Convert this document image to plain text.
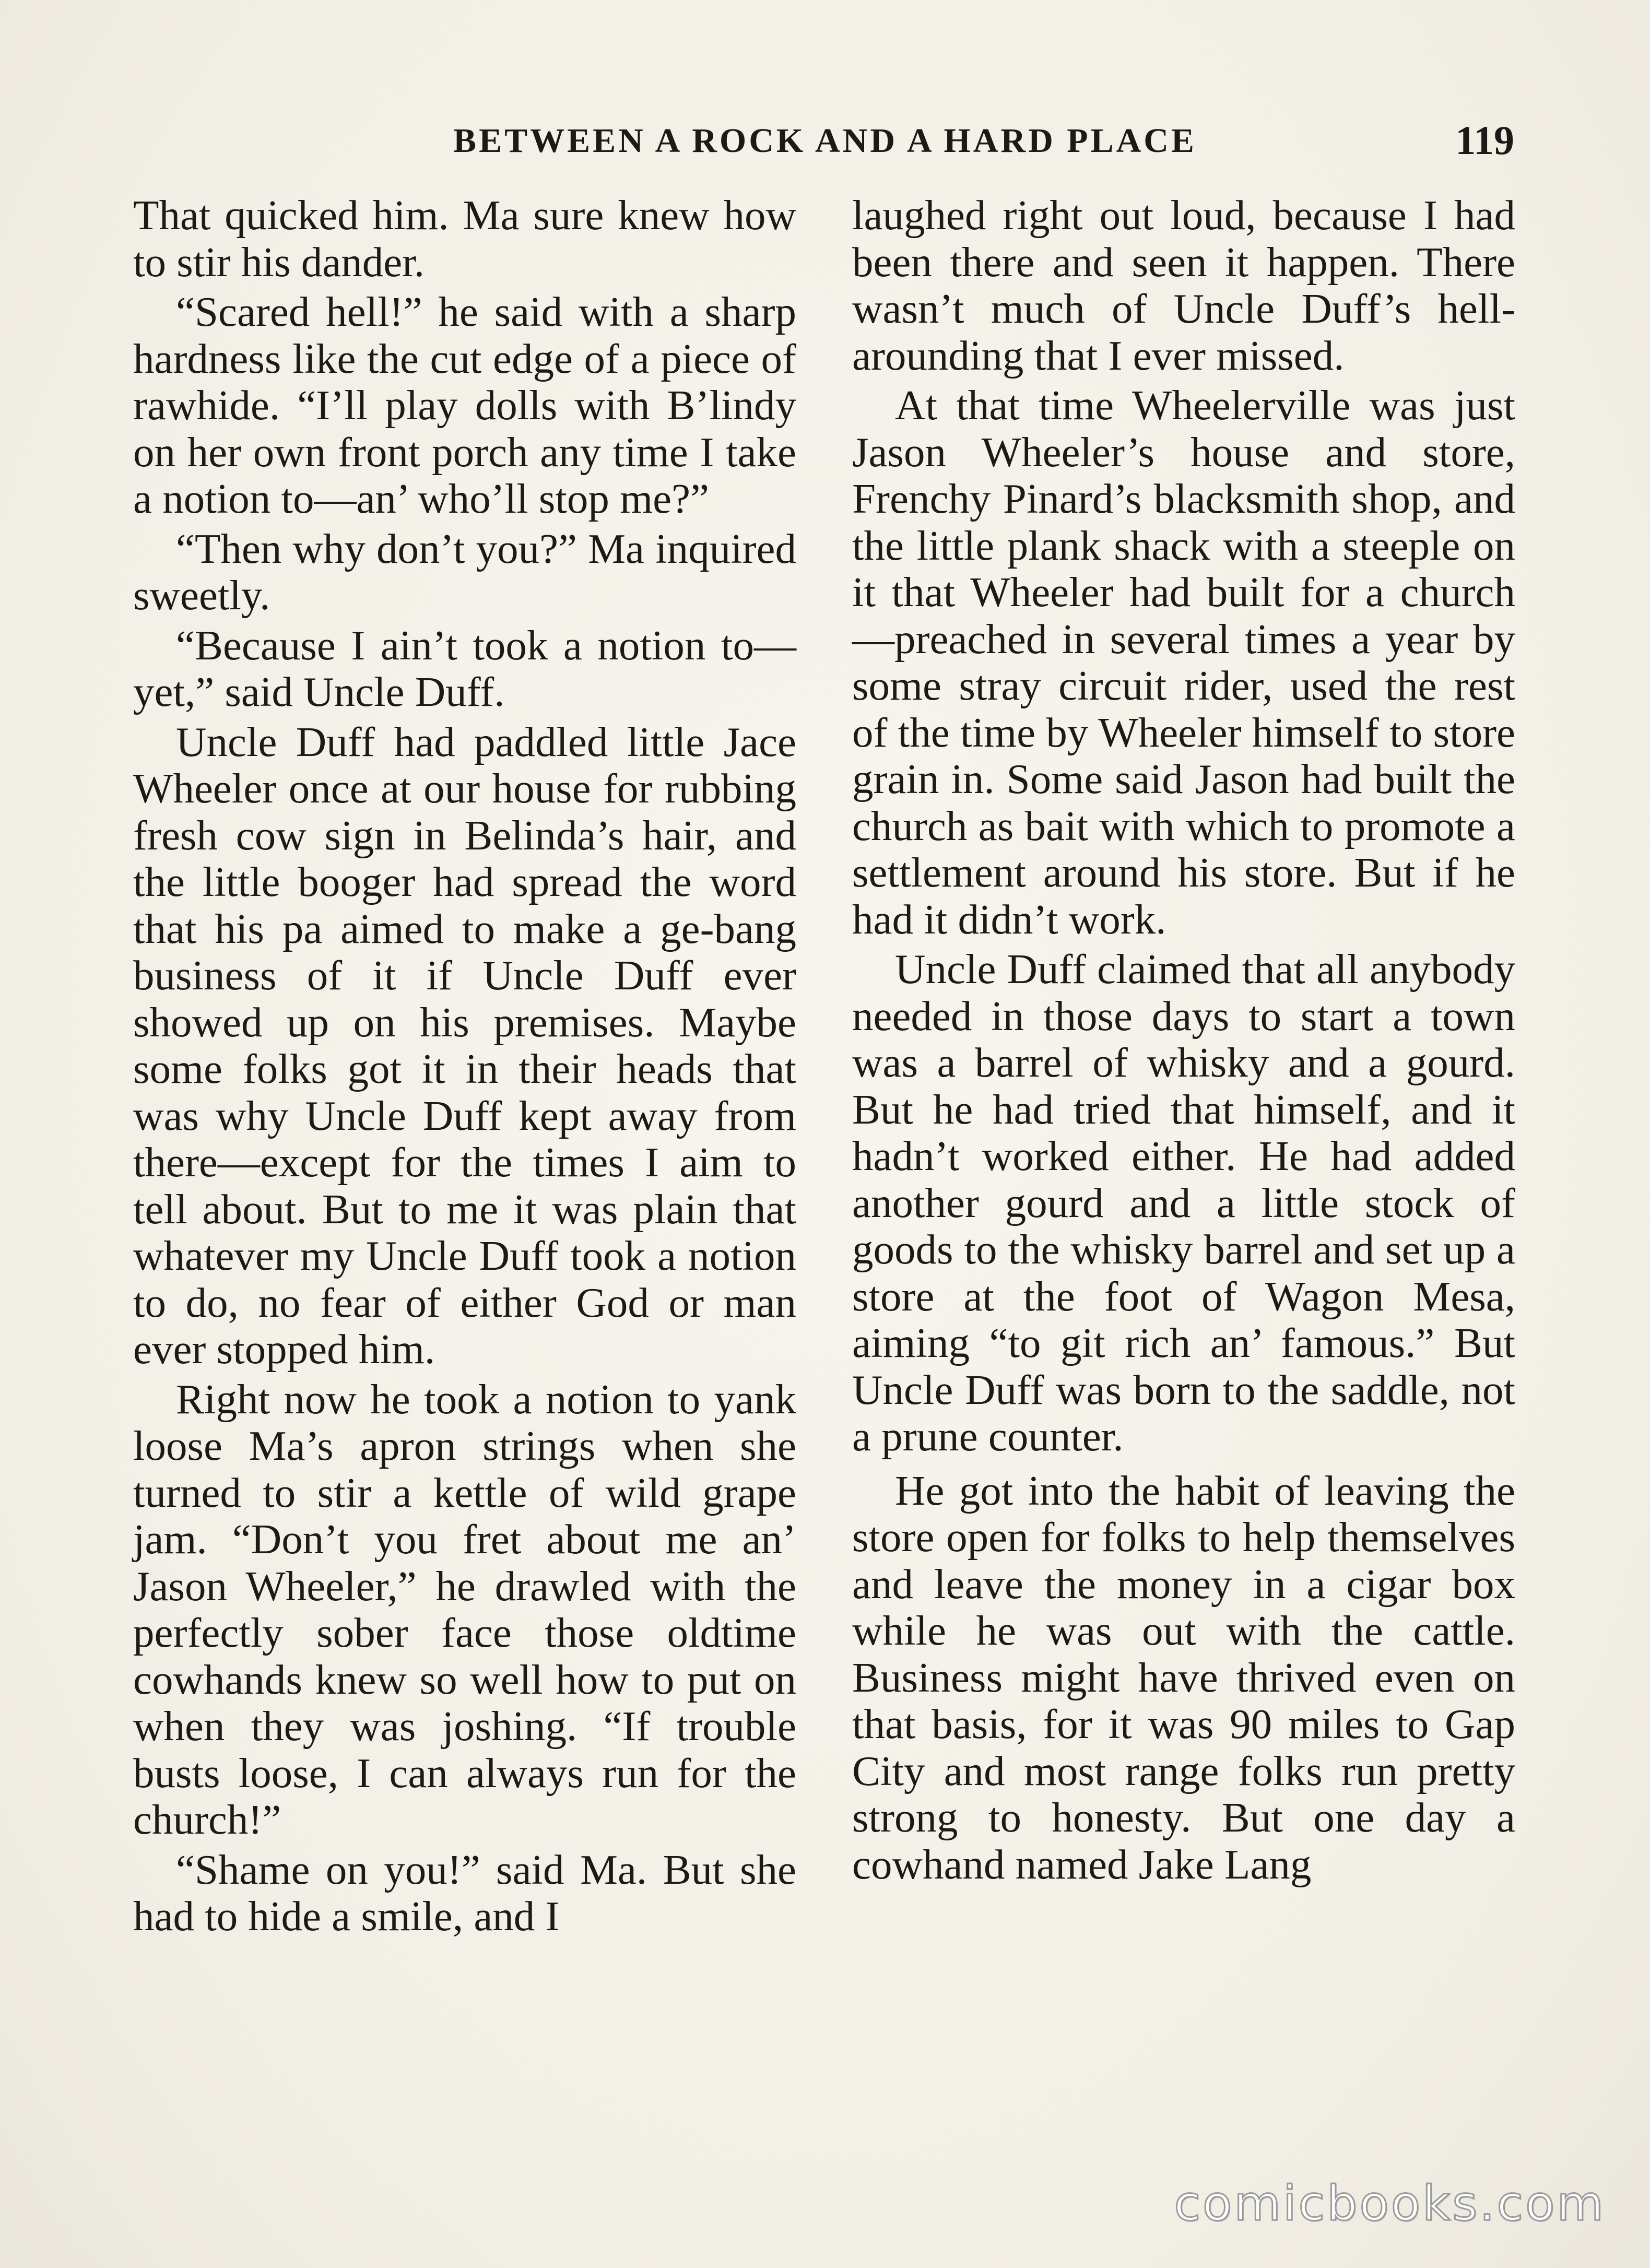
BETWEEN A ROCK AND A HARD PLACE	119

That quicked him. Ma sure knew how to stir his dander.

“Scared hell!” he said with a sharp hardness like the cut edge of a piece of rawhide. “I’ll play dolls with B’lindy on her own front porch any time I take a notion to—an’ who’ll stop me?”

“Then why don’t you?” Ma inquired sweetly.

“Because I ain’t took a notion to—yet,” said Uncle Duff.

Uncle Duff had paddled little Jace Wheeler once at our house for rubbing fresh cow sign in Belinda’s hair, and the little booger had spread the word that his pa aimed to make a ge-bang business of it if Uncle Duff ever showed up on his premises. Maybe some folks got it in their heads that was why Uncle Duff kept away from there—except for the times I aim to tell about. But to me it was plain that whatever my Uncle Duff took a notion to do, no fear of either God or man ever stopped him.

Right now he took a notion to yank loose Ma’s apron strings when she turned to stir a kettle of wild grape jam. “Don’t you fret about me an’ Jason Wheeler,” he drawled with the perfectly sober face those oldtime cowhands knew so well how to put on when they was joshing. “If trouble busts loose, I can always run for the church!”

“Shame on you!” said Ma. But she had to hide a smile, and I

laughed right out loud, because I had been there and seen it happen. There wasn’t much of Uncle Duff’s hell-arounding that I ever missed.

At that time Wheelerville was just Jason Wheeler’s house and store, Frenchy Pinard’s blacksmith shop, and the little plank shack with a steeple on it that Wheeler had built for a church—preached in several times a year by some stray circuit rider, used the rest of the time by Wheeler himself to store grain in. Some said Jason had built the church as bait with which to promote a settlement around his store. But if he had it didn’t work.

Uncle Duff claimed that all anybody needed in those days to start a town was a barrel of whisky and a gourd. But he had tried that himself, and it hadn’t worked either. He had added another gourd and a little stock of goods to the whisky barrel and set up a store at the foot of Wagon Mesa, aiming “to git rich an’ famous.” But Uncle Duff was born to the saddle, not a prune counter.

He got into the habit of leaving the store open for folks to help themselves and leave the money in a cigar box while he was out with the cattle. Business might have thrived even on that basis, for it was 90 miles to Gap City and most range folks run pretty strong to honesty. But one day a cowhand named Jake Lang

comicbooks.com
